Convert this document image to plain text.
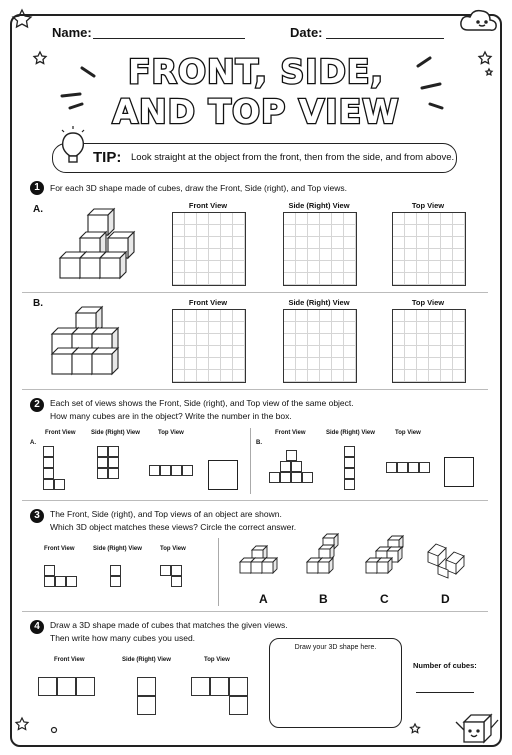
Name:	Date:
FRONT, SIDE,
AND TOP VIEW
TIP: Look straight at the object from the front, then from the side, and from above.
1	For each 3D shape made of cubes, draw the Front, Side (right), and Top views.
A.
B.
Front View	Side (Right) View	Top View
Front View	Side (Right) View	Top View
2	Each set of views shows the Front, Side (right), and Top view of the same object.
How many cubes are in the object? Write the number in the box.
Front View	Side (Right) View	Top View
A.
Front View	Side (Right) View	Top View
B.
3	The Front, Side (right), and Top views of an object are shown.
Which 3D object matches these views? Circle the correct answer.
Front View	Side (Right) View	Top View
A	B	C	D
4	Draw a 3D shape made of cubes that matches the given views.
Then write how many cubes you used.
Front View	Side (Right) View	Top View
Draw your 3D shape here.
Number of cubes:
